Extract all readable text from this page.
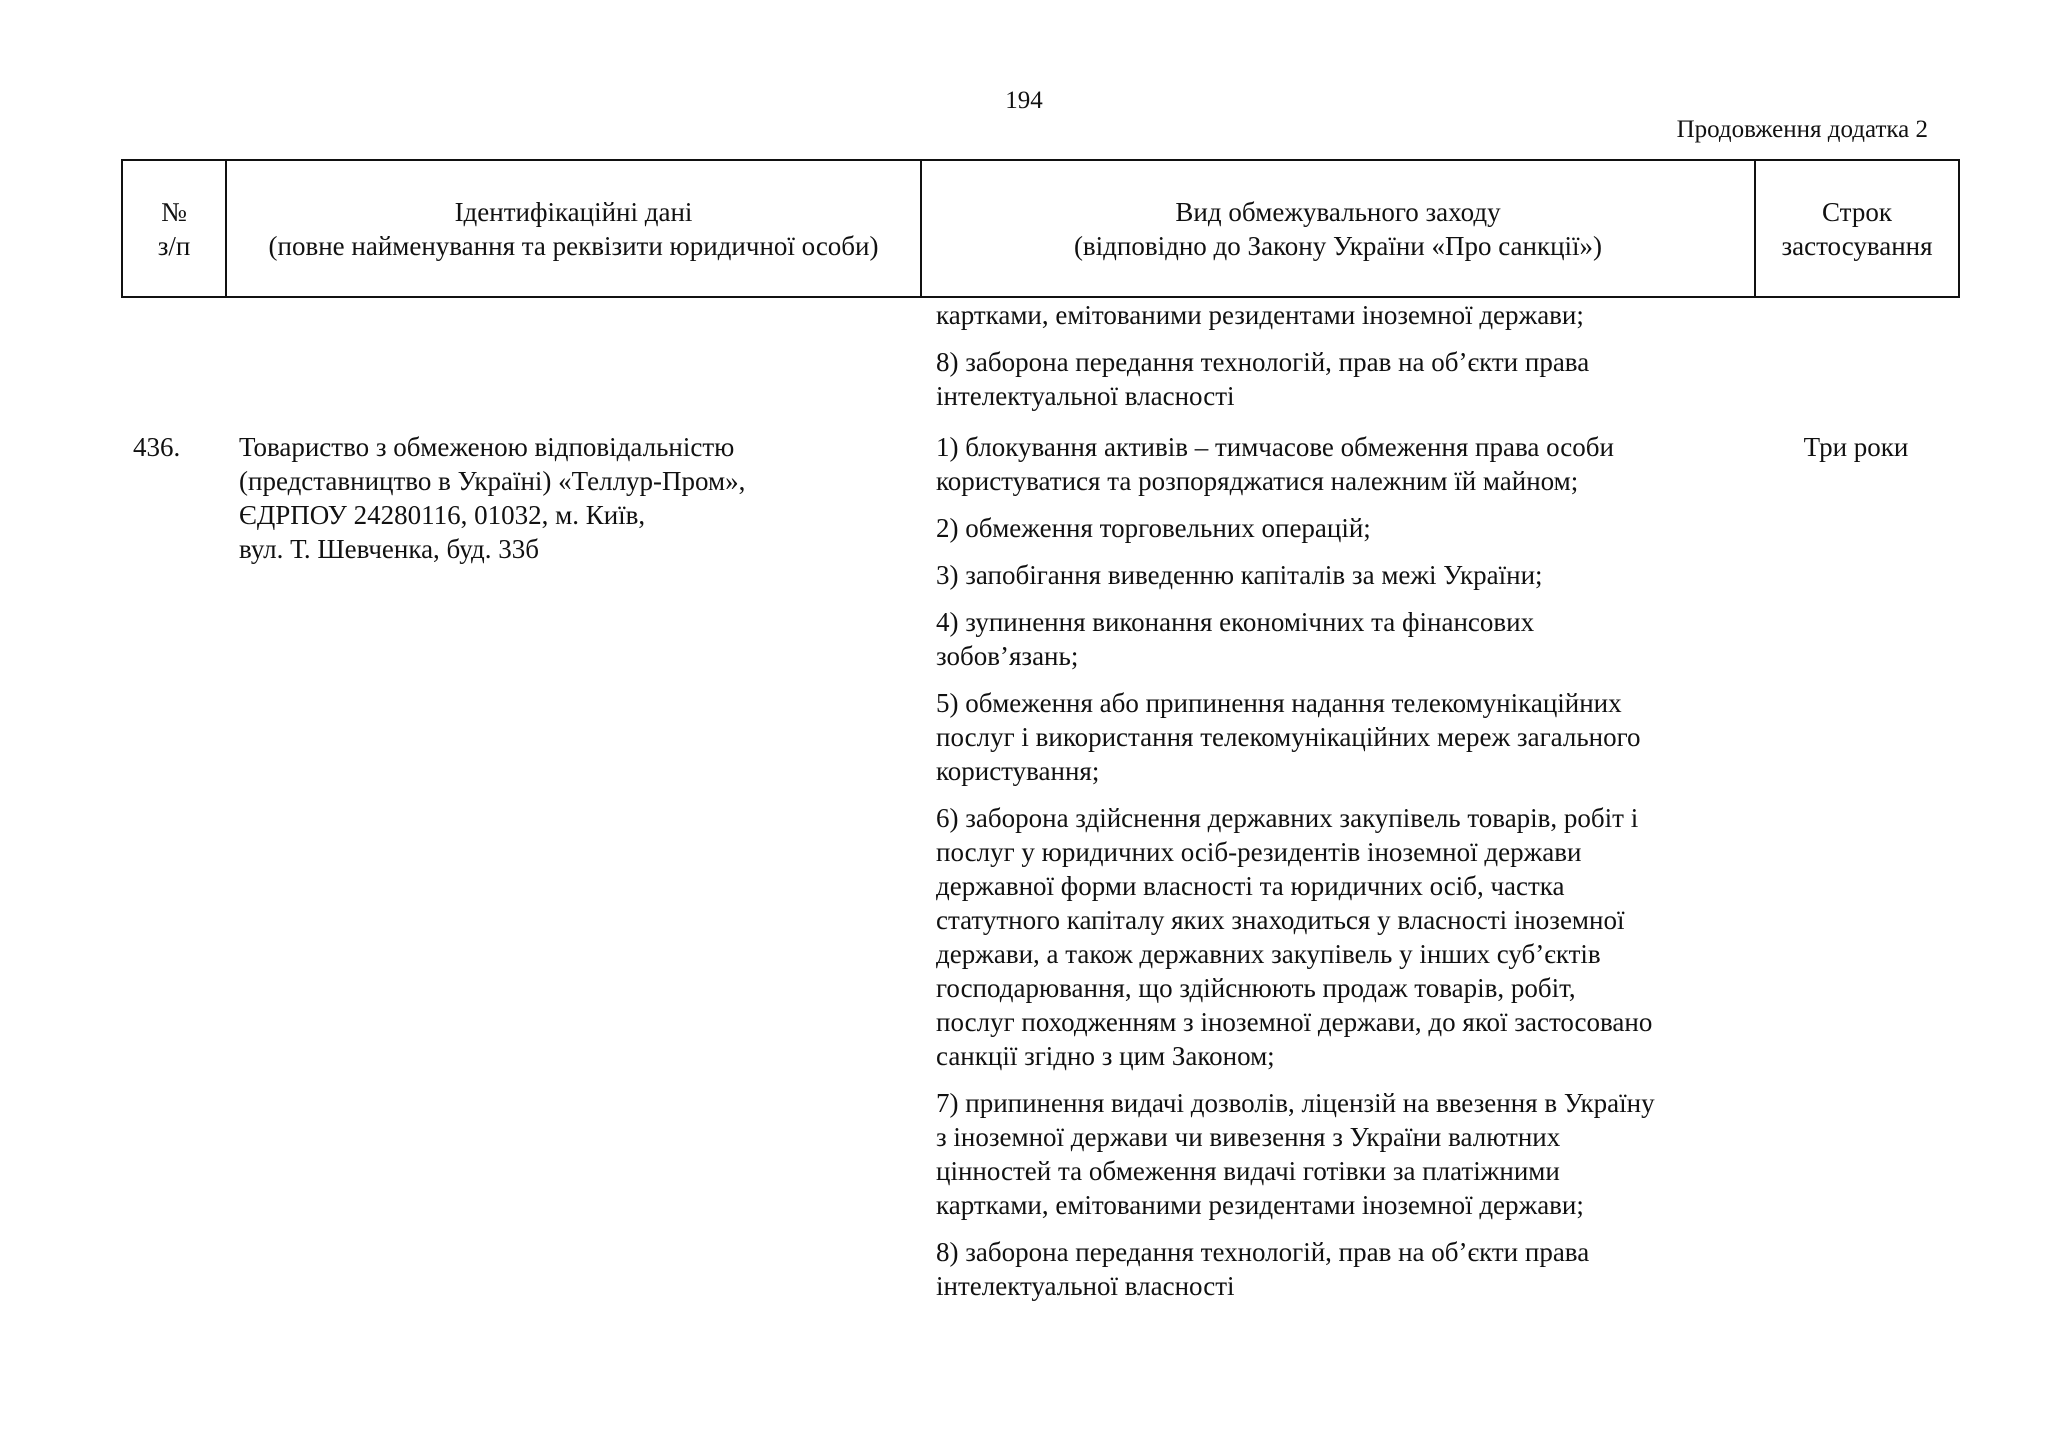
194
Продовження додатка 2
№
з/п
Ідентифікаційні дані
(повне найменування та реквізити юридичної особи)
Вид обмежувального заходу
(відповідно до Закону України «Про санкції»)
Строк
застосування

картками, емітованими резидентами іноземної держави;

8) заборона передання технологій, прав на об’єкти права
інтелектуальної власності

436. Товариство з обмеженою відповідальністю
(представництво в Україні) «Теллур-Пром»,
ЄДРПОУ 24280116, 01032, м. Київ,
вул. Т. Шевченка, буд. 33б
Три роки

1) блокування активів – тимчасове обмеження права особи
користуватися та розпоряджатися належним їй майном;

2) обмеження торговельних операцій;

3) запобігання виведенню капіталів за межі України;

4) зупинення виконання економічних та фінансових
зобов’язань;

5) обмеження або припинення надання телекомунікаційних
послуг і використання телекомунікаційних мереж загального
користування;

6) заборона здійснення державних закупівель товарів, робіт і
послуг у юридичних осіб-резидентів іноземної держави
державної форми власності та юридичних осіб, частка
статутного капіталу яких знаходиться у власності іноземної
держави, а також державних закупівель у інших суб’єктів
господарювання, що здійснюють продаж товарів, робіт,
послуг походженням з іноземної держави, до якої застосовано
санкції згідно з цим Законом;

7) припинення видачі дозволів, ліцензій на ввезення в Україну
з іноземної держави чи вивезення з України валютних
цінностей та обмеження видачі готівки за платіжними
картками, емітованими резидентами іноземної держави;

8) заборона передання технологій, прав на об’єкти права
інтелектуальної власності
